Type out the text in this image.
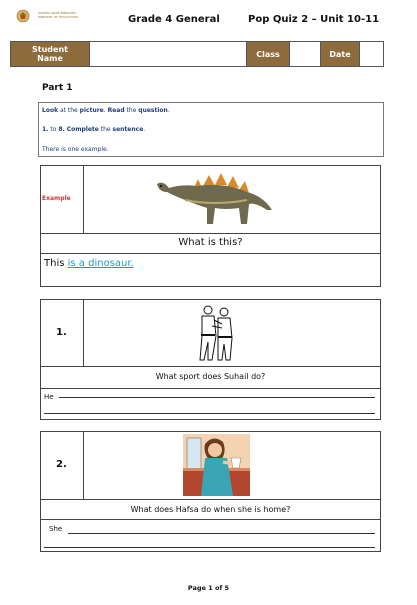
UNITED ARAB EMIRATES
MINISTRY OF EDUCATION	Grade 4 General	Pop Quiz 2 – Unit 10-11
Student
Name	Class	Date
Part 1
Look at the picture. Read the question.
1. to 8. Complete the sentence.
There is one example.
What is this?
This is a dinosaur.
Example
1.
What sport does Suhail do?
He
2.
What does Hafsa do when she is home?
She
Page 1 of 5
